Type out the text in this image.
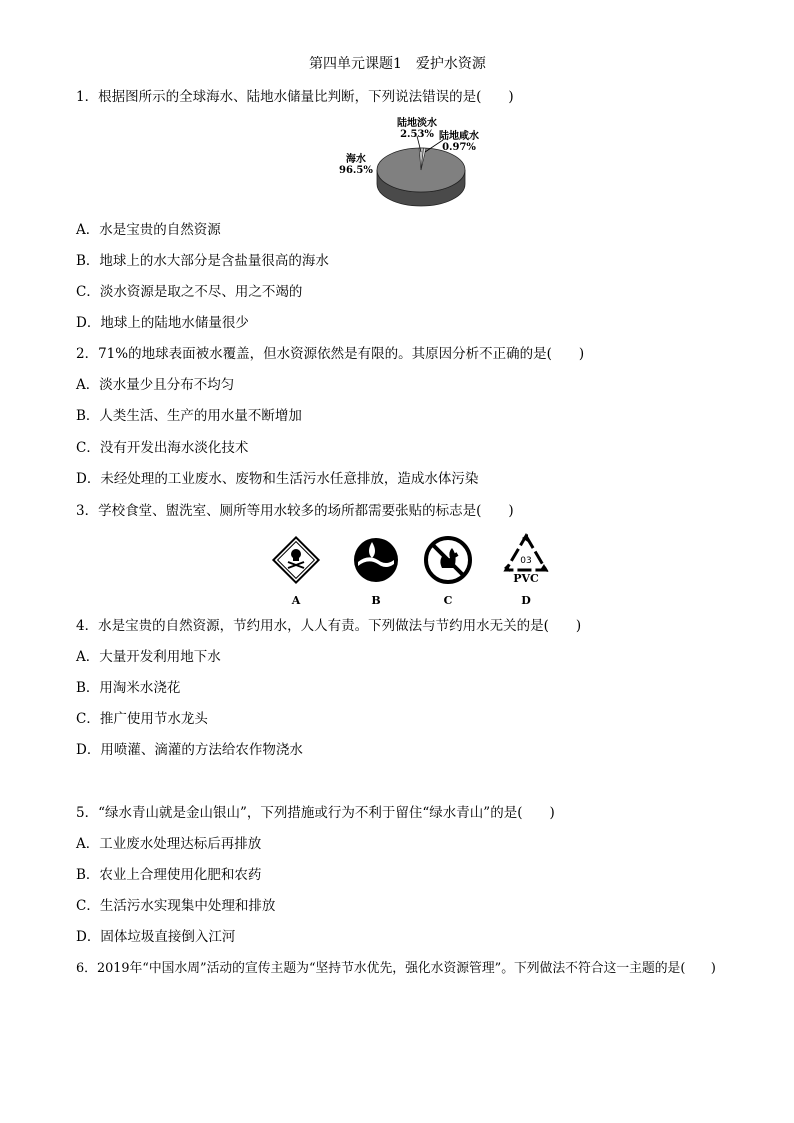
第四单元课题1　爱护水资源
1．根据图所示的全球海水、陆地水储量比判断，下列说法错误的是(　　)
陆地淡水
2.53% 陆地咸水
0.97%
海水
96.5%
A．水是宝贵的自然资源
B．地球上的水大部分是含盐量很高的海水
C．淡水资源是取之不尽、用之不竭的
D．地球上的陆地水储量很少
2．71%的地球表面被水覆盖，但水资源依然是有限的。其原因分析不正确的是(　　)
A．淡水量少且分布不均匀
B．人类生活、生产的用水量不断增加
C．没有开发出海水淡化技术
D．未经处理的工业废水、废物和生活污水任意排放，造成水体污染
3．学校食堂、盥洗室、厕所等用水较多的场所都需要张贴的标志是(　　)
03
PVC
A	B	C	D
4．水是宝贵的自然资源，节约用水，人人有责。下列做法与节约用水无关的是(　　)
A．大量开发利用地下水
B．用淘米水浇花
C．推广使用节水龙头
D．用喷灌、滴灌的方法给农作物浇水
5．“绿水青山就是金山银山”，下列措施或行为不利于留住“绿水青山”的是(　　)
A．工业废水处理达标后再排放
B．农业上合理使用化肥和农药
C．生活污水实现集中处理和排放
D．固体垃圾直接倒入江河
6．2019年“中国水周”活动的宣传主题为“坚持节水优先，强化水资源管理”。下列做法不符合这一主题的是(　　)
